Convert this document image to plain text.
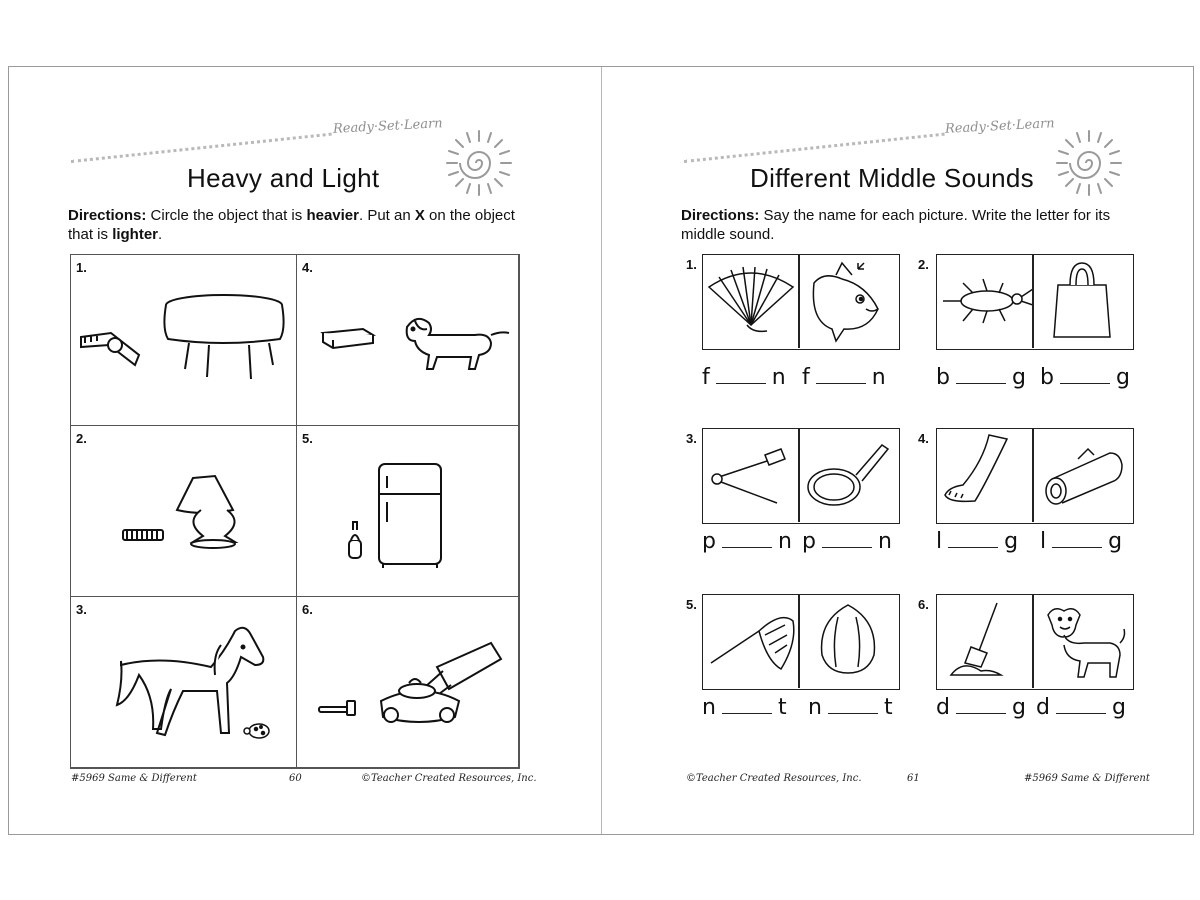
Ready·Set·Learn
Heavy and Light
Directions: Circle the object that is heavier. Put an X on the object that is lighter.
1.	4.
2.	5.
3.	6.
#5969 Same & Different	60	©Teacher Created Resources, Inc.
Ready·Set·Learn
Different Middle Sounds
Directions: Say the name for each picture. Write the letter for its middle sound.
1.
f	n f	n
2.
b	g b	g
3.
p	n p	n
4.
l	g l	g
5.
n	t n	t
6.
d	g d	g
©Teacher Created Resources, Inc.	61	#5969 Same & Different
